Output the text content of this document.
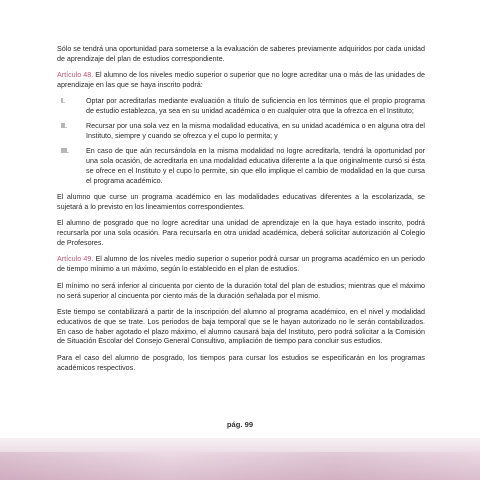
Sólo se tendrá una oportunidad para someterse a la evaluación de saberes previamente adquiridos por cada unidad de aprendizaje del plan de estudios correspondiente.

Artículo 48. El alumno de los niveles medio superior o superior que no logre acreditar una o más de las unidades de aprendizaje en las que se haya inscrito podrá:

I.	Optar por acreditarlas mediante evaluación a título de suficiencia en los términos que el propio programa de estudio establezca, ya sea en su unidad académica o en cualquier otra que la ofrezca en el Instituto;
II.	Recursar por una sola vez en la misma modalidad educativa, en su unidad académica o en alguna otra del Instituto, siempre y cuando se ofrezca y el cupo lo permita; y
III.	En caso de que aún recursándola en la misma modalidad no logre acreditarla, tendrá la oportunidad por una sola ocasión, de acreditarla en una modalidad educativa diferente a la que originalmente cursó si ésta se ofrece en el Instituto y el cupo lo permite, sin que ello implique el cambio de modalidad en la que cursa el programa académico.

El alumno que curse un programa académico en las modalidades educativas diferentes a la escolarizada, se sujetará a lo previsto en los lineamientos correspondientes.

El alumno de posgrado que no logre acreditar una unidad de aprendizaje en la que haya estado inscrito, podrá recursarla por una sola ocasión. Para recursarla en otra unidad académica, deberá solicitar autorización al Colegio de Profesores.

Artículo 49. El alumno de los niveles medio superior o superior podrá cursar un programa académico en un periodo de tiempo mínimo a un máximo, según lo establecido en el plan de estudios.

El mínimo no será inferior al cincuenta por ciento de la duración total del plan de estudios; mientras que el máximo no será superior al cincuenta por ciento más de la duración señalada por el mismo.

Este tiempo se contabilizará a partir de la inscripción del alumno al programa académico, en el nivel y modalidad educativos de que se trate. Los periodos de baja temporal que se le hayan autorizado no le serán contabilizados. En caso de haber agotado el plazo máximo, el alumno causará baja del Instituto, pero podrá solicitar a la Comisión de Situación Escolar del Consejo General Consultivo, ampliación de tiempo para concluir sus estudios.

Para el caso del alumno de posgrado, los tiempos para cursar los estudios se especificarán en los programas académicos respectivos.

pág. 99
